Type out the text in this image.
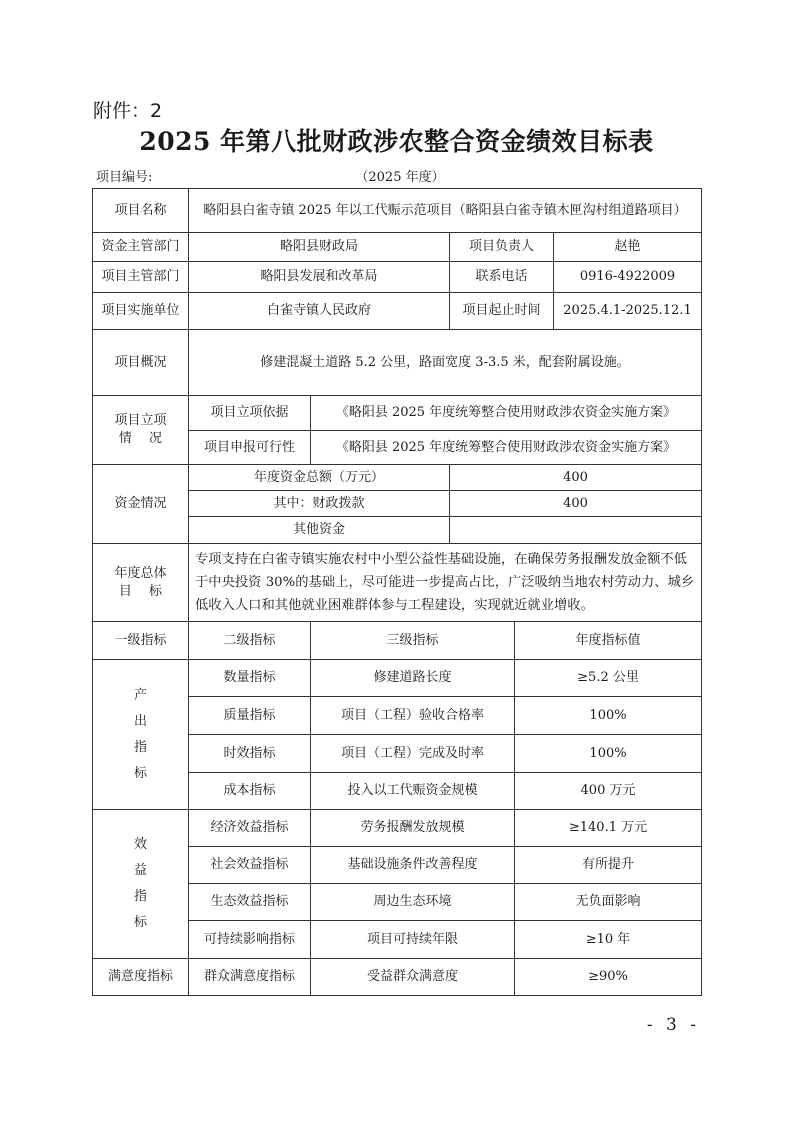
附件：2
2025 年第八批财政涉农整合资金绩效目标表
项目编号:	（2025 年度）
项目名称	略阳县白雀寺镇 2025 年以工代赈示范项目（略阳县白雀寺镇木匣沟村组道路项目）				
资金主管部门	略阳县财政局		项目负责人		赵艳
项目主管部门	略阳县发展和改革局		联系电话		0916-4922009
项目实施单位	白雀寺镇人民政府		项目起止时间		2025.4.1-2025.12.1
项目概况	修建混凝土道路 5.2 公里，路面宽度 3-3.5 米，配套附属设施。				

项目立项
情　 况	项目立项依据	《略阳县 2025 年度统筹整合使用财政涉农资金实施方案》			
	项目申报可行性	《略阳县 2025 年度统筹整合使用财政涉农资金实施方案》			
资金情况	年度资金总额（万元）		400		
	其中：财政拨款		400		
	其他资金				

年度总体
目　 标	专项支持在白雀寺镇实施农村中小型公益性基础设施，在确保劳务报酬发放金额不低于中央投资 30%的基础上，尽可能进一步提高占比，广泛吸纳当地农村劳动力、城乡低收入人口和其他就业困难群体参与工程建设，实现就近就业增收。				
一级指标	二级指标	三级指标		年度指标值	

产
出
指
标	数量指标	修建道路长度		≥5.2 公里	
	质量指标	项目（工程）验收合格率		100%	
	时效指标	项目（工程）完成及时率		100%	
	成本指标	投入以工代赈资金规模		400 万元	

效
益
指
标	经济效益指标	劳务报酬发放规模		≥140.1 万元	
	社会效益指标	基础设施条件改善程度		有所提升	
	生态效益指标	周边生态环境		无负面影响	
	可持续影响指标	项目可持续年限		≥10 年	
满意度指标	群众满意度指标	受益群众满意度		≥90%	
- 3 -
